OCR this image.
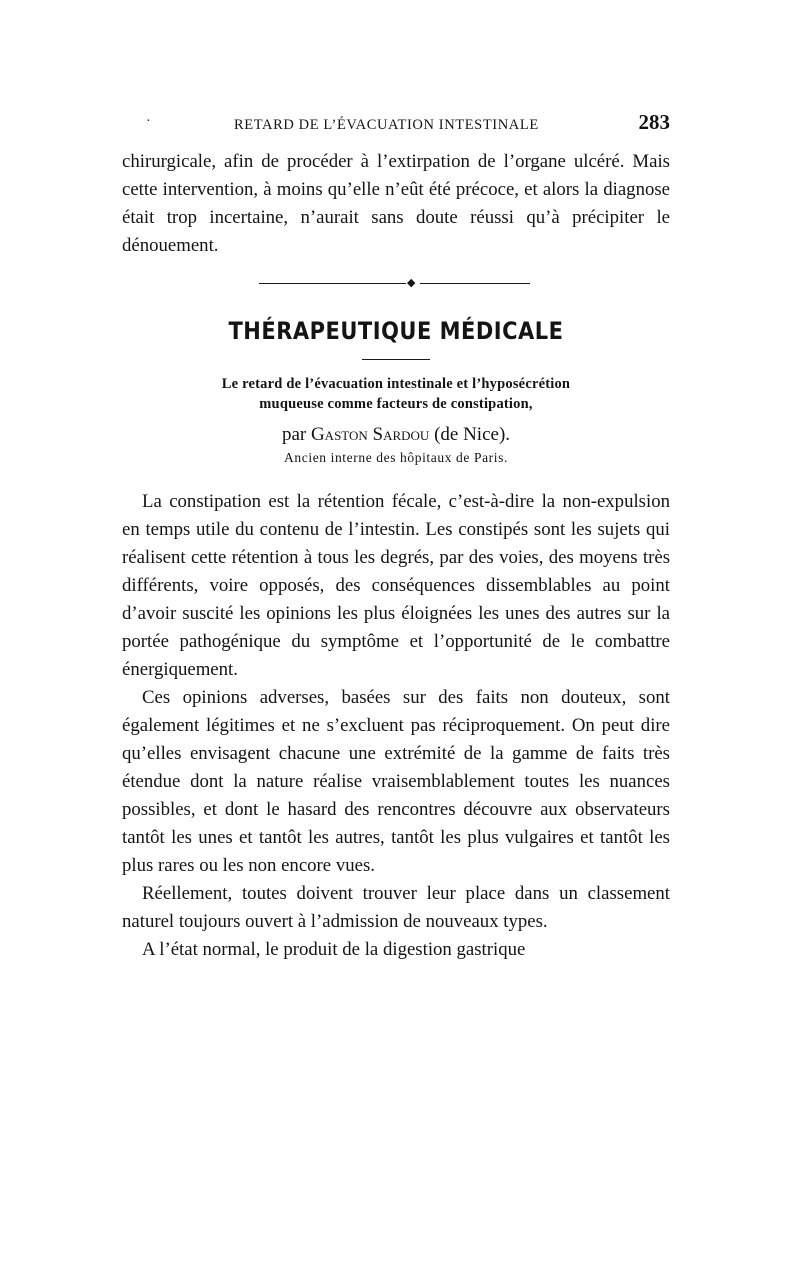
·	RETARD DE L’ÉVACUATION INTESTINALE	283

chirurgicale, afin de procéder à l’extirpation de l’organe ulcéré. Mais cette intervention, à moins qu’elle n’eût été précoce, et alors la diagnose était trop incertaine, n’aurait sans doute réussi qu’à précipiter le dénouement.

◆
THÉRAPEUTIQUE MÉDICALE
Le retard de l’évacuation intestinale et l’hyposécrétion
muqueuse comme facteurs de constipation,
par Gaston Sardou (de Nice).
Ancien interne des hôpitaux de Paris.

La constipation est la rétention fécale, c’est-à-dire la non-expulsion en temps utile du contenu de l’intestin. Les constipés sont les sujets qui réalisent cette rétention à tous les degrés, par des voies, des moyens très différents, voire opposés, des conséquences dissemblables au point d’avoir suscité les opinions les plus éloignées les unes des autres sur la portée pathogénique du symptôme et l’opportunité de le combattre énergiquement.

Ces opinions adverses, basées sur des faits non douteux, sont également légitimes et ne s’excluent pas réciproquement. On peut dire qu’elles envisagent chacune une extrémité de la gamme de faits très étendue dont la nature réalise vraisemblablement toutes les nuances possibles, et dont le hasard des rencontres découvre aux observateurs tantôt les unes et tantôt les autres, tantôt les plus vulgaires et tantôt les plus rares ou les non encore vues.

Réellement, toutes doivent trouver leur place dans un classement naturel toujours ouvert à l’admission de nouveaux types.

A l’état normal, le produit de la digestion gastrique
